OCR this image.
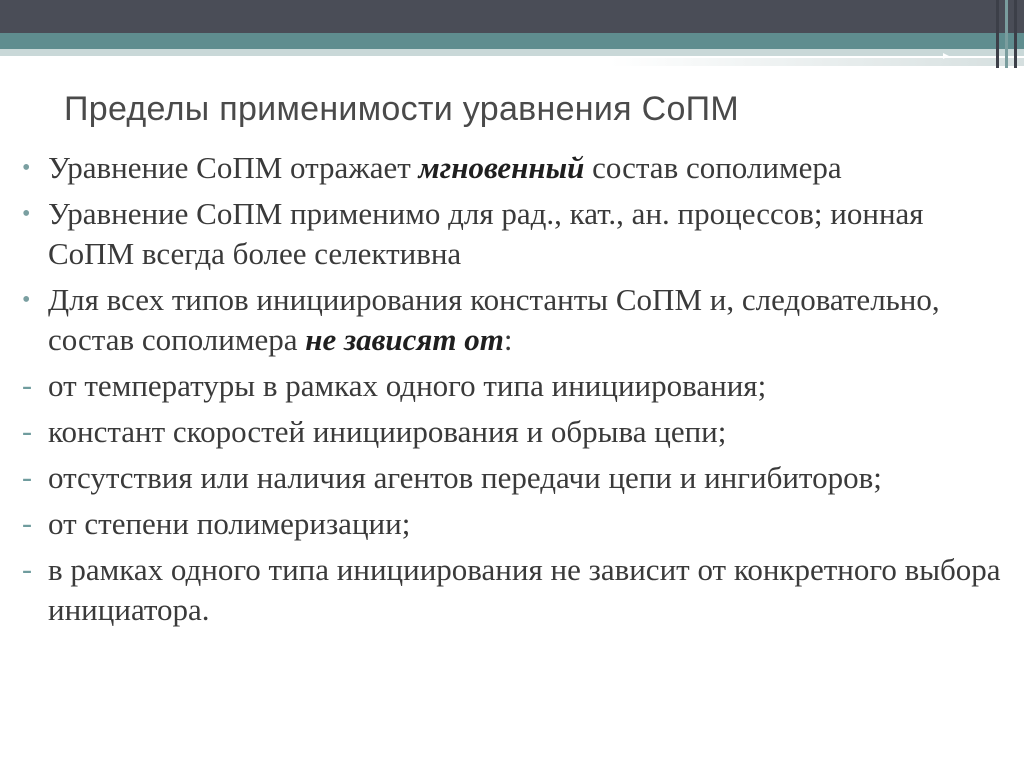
Пределы применимости уравнения СоПМ
• Уравнение СоПМ отражает мгновенный состав сополимера
• Уравнение СоПМ применимо для рад., кат., ан. процессов; ионная СоПМ всегда более селективна
• Для всех типов инициирования константы СоПМ и, следовательно, состав сополимера не зависят от:
- от температуры в рамках одного типа инициирования;
- констант скоростей инициирования и обрыва цепи;
- отсутствия или наличия агентов передачи цепи и ингибиторов;
- от степени полимеризации;
- в рамках одного типа инициирования не зависит от конкретного выбора инициатора.
